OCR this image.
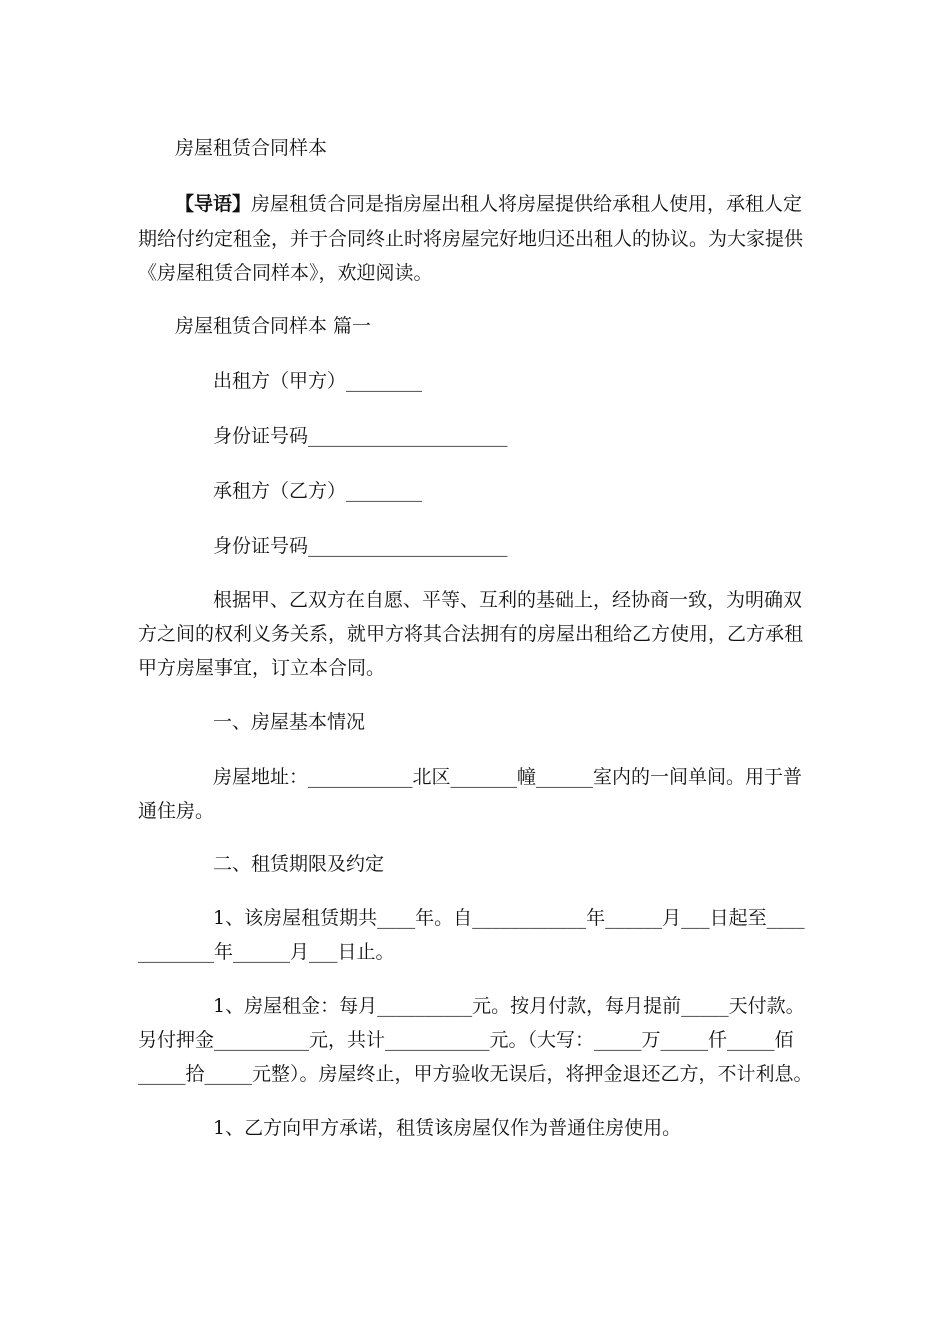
房屋租赁合同样本

【导语】房屋租赁合同是指房屋出租人将房屋提供给承租人使用，承租人定

期给付约定租金，并于合同终止时将房屋完好地归还出租人的协议。为大家提供

《房屋租赁合同样本》，欢迎阅读。

房屋租赁合同样本 篇一

出租方（甲方）________

身份证号码_____________________

承租方（乙方）________

身份证号码_____________________

根据甲、乙双方在自愿、平等、互利的基础上，经协商一致，为明确双

方之间的权利义务关系，就甲方将其合法拥有的房屋出租给乙方使用，乙方承租

甲方房屋事宜，订立本合同。

一、房屋基本情况

房屋地址：___________北区_______幢______室内的一间单间。用于普

通住房。

二、租赁期限及约定

1、该房屋租赁期共____年。自____________年______月___日起至____

________年______月___日止。

1、房屋租金：每月__________元。按月付款，每月提前_____天付款。

另付押金__________元，共计___________元。（大写：_____万_____仟_____佰

_____拾_____元整）。房屋终止，甲方验收无误后，将押金退还乙方，不计利息。

1、乙方向甲方承诺，租赁该房屋仅作为普通住房使用。
